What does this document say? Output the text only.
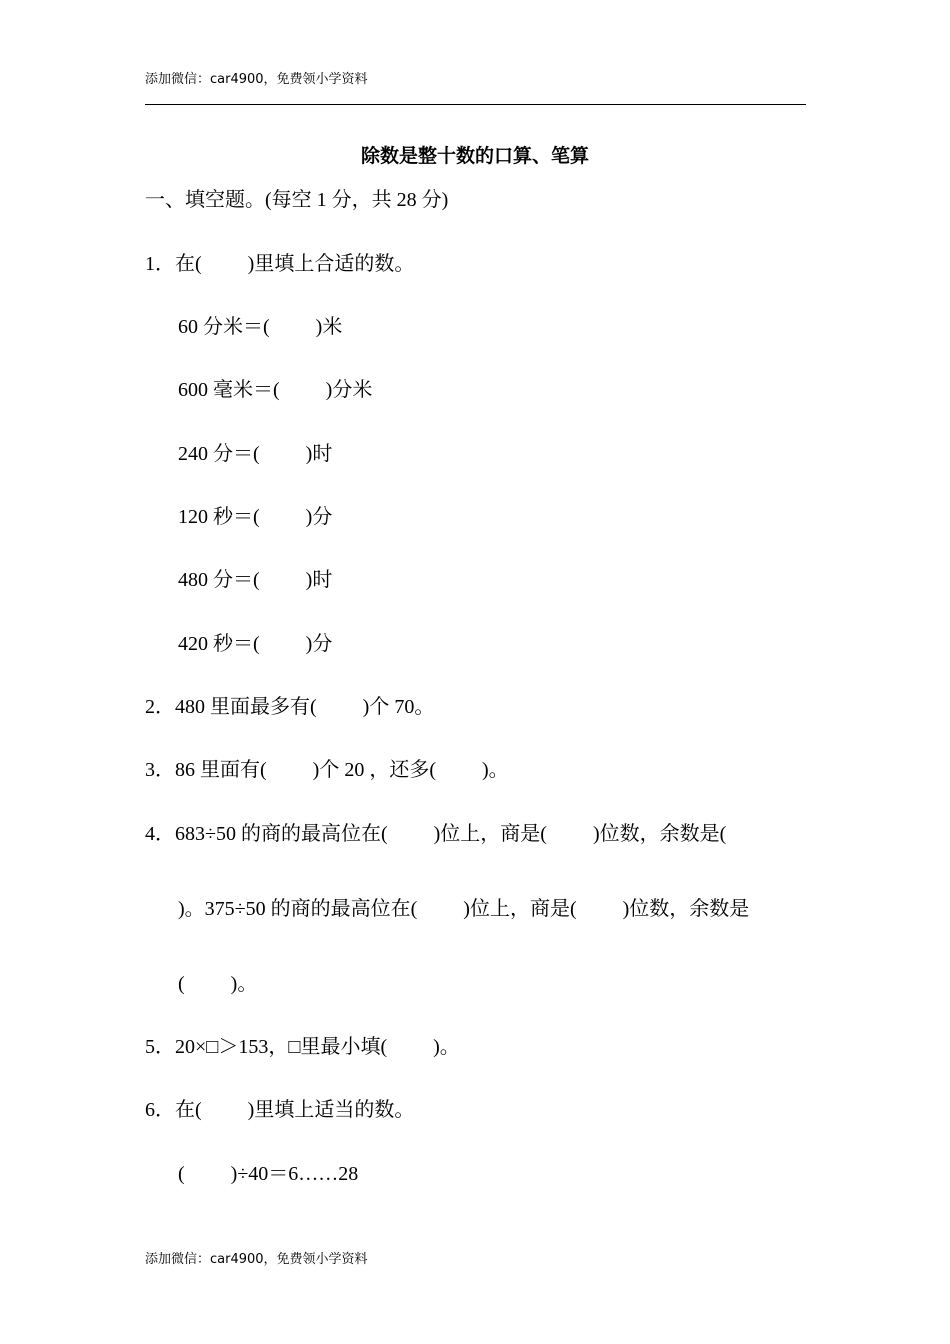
添加微信：car4900，免费领小学资料
除数是整十数的口算、笔算
一、填空题。(每空 1 分，共 28 分)
1．在( )里填上合适的数。
60 分米＝( )米
600 毫米＝( )分米
240 分＝( )时
120 秒＝( )分
480 分＝( )时
420 秒＝( )分
2．480 里面最多有( )个 70。
3．86 里面有( )个 20 ，还多( )。
4．683÷50 的商的最高位在( )位上，商是( )位数，余数是(
)。375÷50 的商的最高位在( )位上，商是( )位数，余数是
( )。
5．20×□＞153，□里最小填( )。
6．在( )里填上适当的数。
( )÷40＝6……28
添加微信：car4900，免费领小学资料
